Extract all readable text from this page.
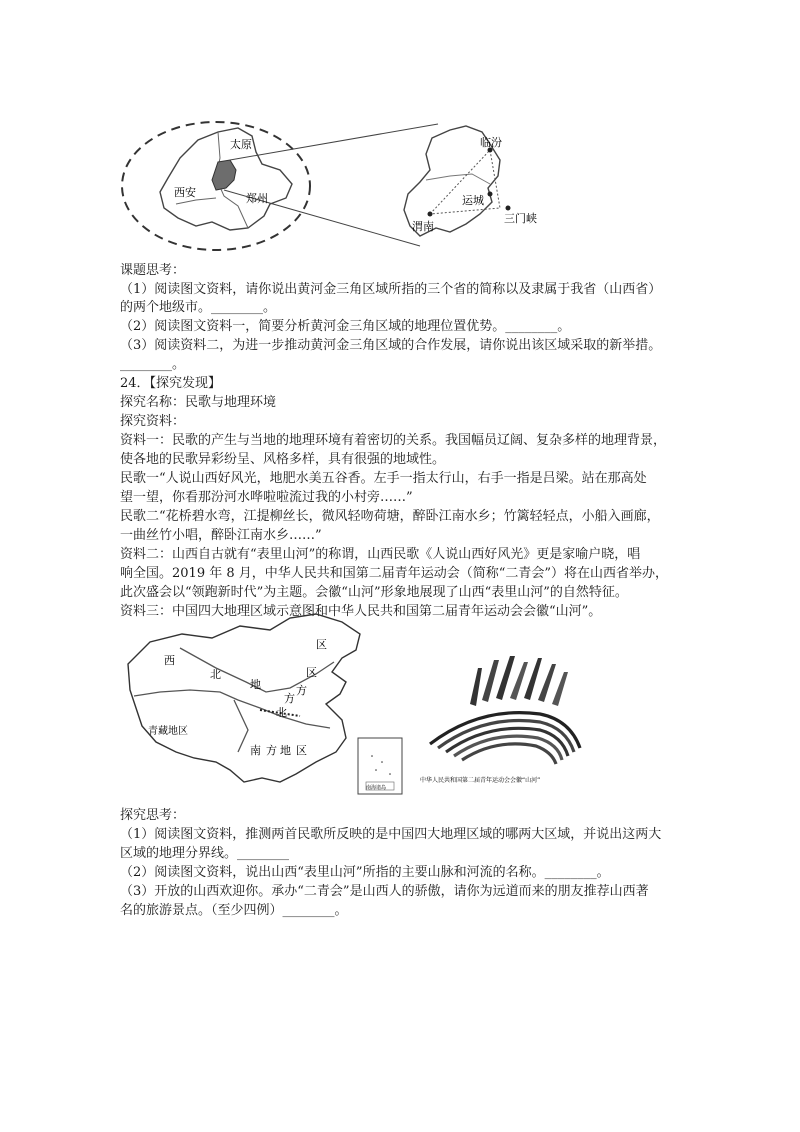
太原
西安	郑州
临汾
运城
渭南
三门峡
课题思考：
（1）阅读图文资料，请你说出黄河金三角区域所指的三个省的简称以及隶属于我省（山西省）
的两个地级市。________。
（2）阅读图文资料一，简要分析黄河金三角区域的地理位置优势。________。
（3）阅读资料二，为进一步推动黄河金三角区域的合作发展，请你说出该区域采取的新举措。
________。
24．【探究发现】
探究名称：民歌与地理环境
探究资料：
资料一：民歌的产生与当地的地理环境有着密切的关系。我国幅员辽阔、复杂多样的地理背景，
使各地的民歌异彩纷呈、风格多样，具有很强的地域性。
民歌一“人说山西好风光，地肥水美五谷香。左手一指太行山，右手一指是吕梁。站在那高处
望一望，你看那汾河水哗啦啦流过我的小村旁……”
民歌二“花桥碧水弯，江提柳丝长，微风轻吻荷塘，醉卧江南水乡；竹篱轻轻点，小船入画廊，
一曲丝竹小唱，醉卧江南水乡……”
资料二：山西自古就有“表里山河”的称谓，山西民歌《人说山西好风光》更是家喻户晓，唱
响全国。2019 年 8 月，中华人民共和国第二届青年运动会（简称“二青会”）将在山西省举办，
此次盛会以“领跑新时代”为主题。会徽“山河”形象地展现了山西“表里山河”的自然特征。
资料三：中国四大地理区域示意图和中华人民共和国第二届青年运动会会徽“山河”。
西
北
地
方
区
北
区
方
青藏地区
南 方 地 区
南海诸岛
中华人民共和国第二届青年运动会会徽“山河”
探究思考：
（1）阅读图文资料，推测两首民歌所反映的是中国四大地理区域的哪两大区域，并说出这两大
区域的地理分界线。________
（2）阅读图文资料，说出山西“表里山河”所指的主要山脉和河流的名称。________。
（3）开放的山西欢迎你。承办“二青会”是山西人的骄傲，请你为远道而来的朋友推荐山西著
名的旅游景点。（至少四例）________。
